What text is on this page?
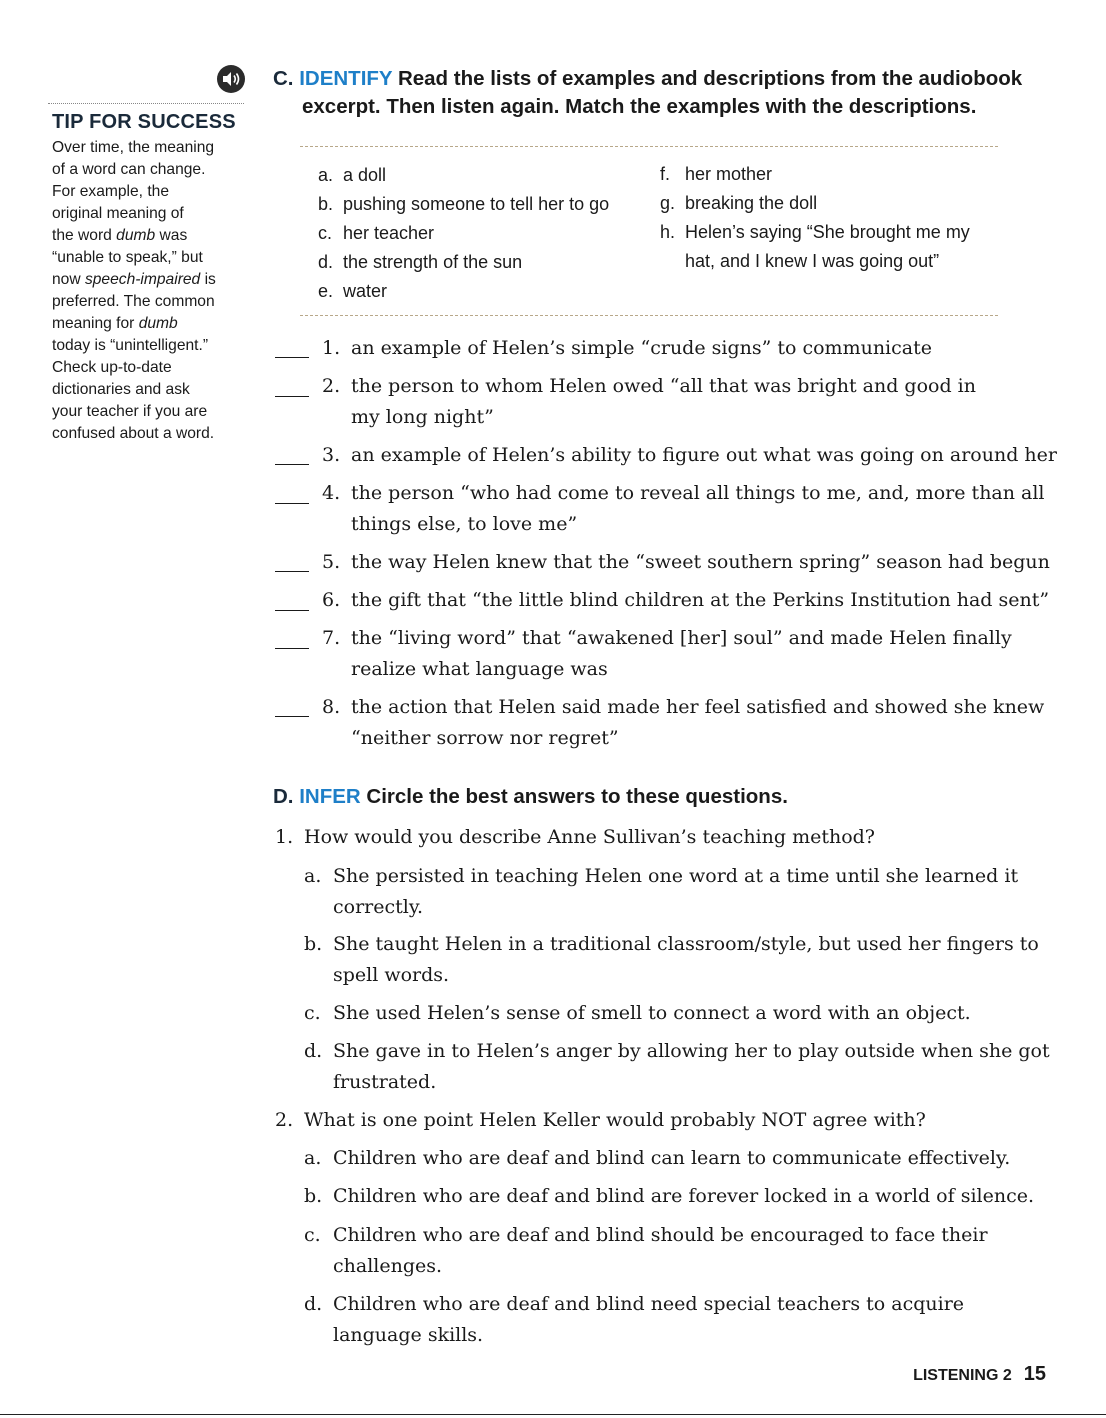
TIP FOR SUCCESS
Over time, the meaning
of a word can change.
For example, the
original meaning of
the word dumb was
“unable to speak,” but
now speech-impaired is
preferred. The common
meaning for dumb
today is “unintelligent.”
Check up-to-date
dictionaries and ask
your teacher if you are
confused about a word.
C. IDENTIFY Read the lists of examples and descriptions from the audiobook
excerpt. Then listen again. Match the examples with the descriptions.
a. a doll
b. pushing someone to tell her to go
c. her teacher
d. the strength of the sun
e. water
f. her mother
g. breaking the doll
h. Helen’s saying “She brought me my
hat, and I knew I was going out”
1. an example of Helen’s simple “crude signs” to communicate
2. the person to whom Helen owed “all that was bright and good in
my long night”
3. an example of Helen’s ability to figure out what was going on around her
4. the person “who had come to reveal all things to me, and, more than all
things else, to love me”
5. the way Helen knew that the “sweet southern spring” season had begun
6. the gift that “the little blind children at the Perkins Institution had sent”
7. the “living word” that “awakened [her] soul” and made Helen finally
realize what language was
8. the action that Helen said made her feel satisfied and showed she knew
“neither sorrow nor regret”
D. INFER Circle the best answers to these questions.
1. How would you describe Anne Sullivan’s teaching method?
a. She persisted in teaching Helen one word at a time until she learned it
correctly.
b. She taught Helen in a traditional classroom/style, but used her fingers to
spell words.
c. She used Helen’s sense of smell to connect a word with an object.
d. She gave in to Helen’s anger by allowing her to play outside when she got
frustrated.
2. What is one point Helen Keller would probably NOT agree with?
a. Children who are deaf and blind can learn to communicate effectively.
b. Children who are deaf and blind are forever locked in a world of silence.
c. Children who are deaf and blind should be encouraged to face their
challenges.
d. Children who are deaf and blind need special teachers to acquire
language skills.
LISTENING 2 15
